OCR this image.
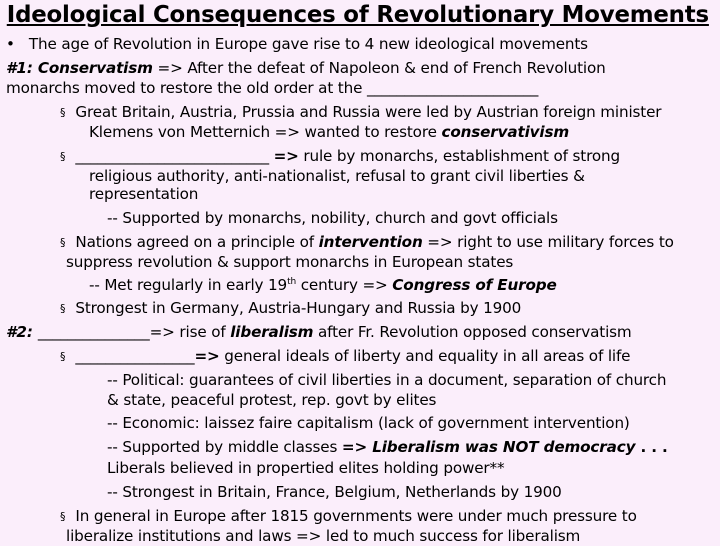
Ideological Consequences of Revolutionary Movements
• The age of Revolution in Europe gave rise to 4 new ideological movements
#1: Conservatism => After the defeat of Napoleon & end of French Revolution
monarchs moved to restore the old order at the _______________________
§ Great Britain, Austria, Prussia and Russia were led by Austrian foreign minister
Klemens von Metternich => wanted to restore conservativism
§ __________________________ => rule by monarchs, establishment of strong
religious authority, anti-nationalist, refusal to grant civil liberties &
representation
-- Supported by monarchs, nobility, church and govt officials
§ Nations agreed on a principle of intervention => right to use military forces to
suppress revolution & support monarchs in European states
-- Met regularly in early 19th century => Congress of Europe
§ Strongest in Germany, Austria-Hungary and Russia by 1900
#2: _______________=> rise of liberalism after Fr. Revolution opposed conservatism
§ ________________=> general ideals of liberty and equality in all areas of life
-- Political: guarantees of civil liberties in a document, separation of church
& state, peaceful protest, rep. govt by elites
-- Economic: laissez faire capitalism (lack of government intervention)
-- Supported by middle classes => Liberalism was NOT democracy . . .
Liberals believed in propertied elites holding power**
-- Strongest in Britain, France, Belgium, Netherlands by 1900
§ In general in Europe after 1815 governments were under much pressure to
liberalize institutions and laws => led to much success for liberalism
